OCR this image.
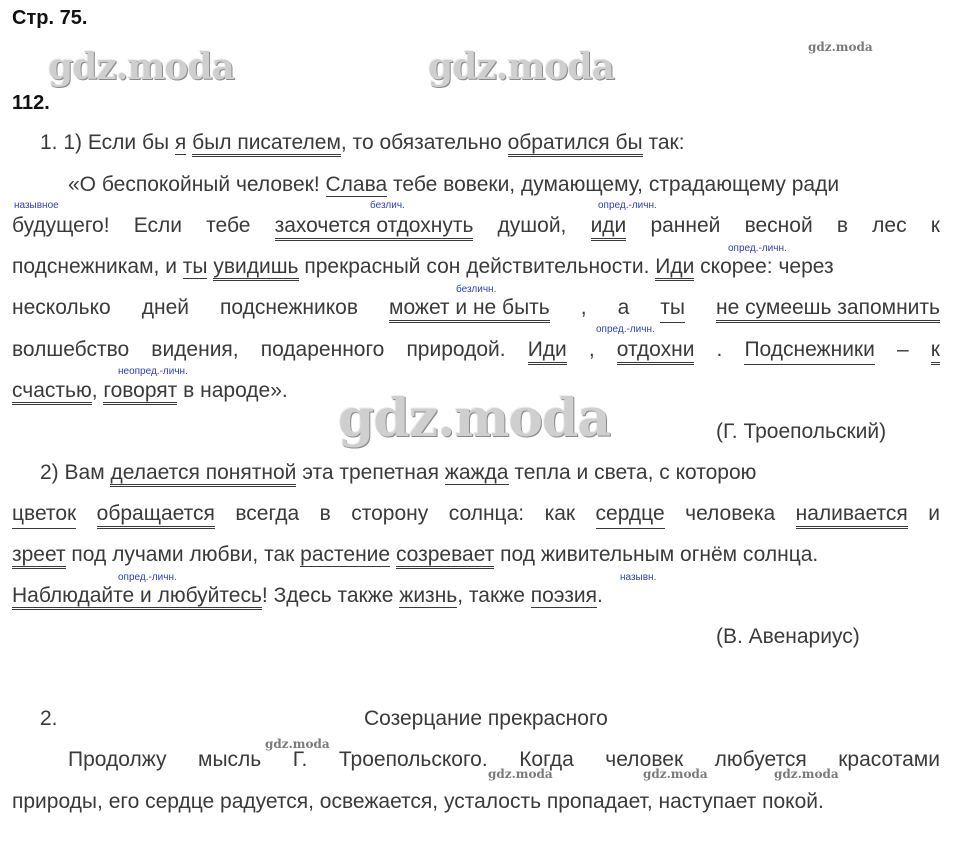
Стр. 75.
112.
gdz.moda	gdz.moda	gdz.moda
gdz.moda
gdz.moda
gdz.moda	gdz.moda	gdz.moda
назывное	безлич.	опред.-личн.
опред.-личн.
безличн.
опред.-личн.
неопред.-личн.
опред.-личн.	назывн.
1. 1) Если бы я был писателем, то обязательно обратился бы так:
«О беспокойный человек! Слава тебе вовеки, думающему, страдающему ради
будущего! Если тебе захочется отдохнуть душой, иди ранней весной в лес к
подснежникам, и ты увидишь прекрасный сон действительности. Иди скорее: через
несколько дней подснежников может и не быть , а ты не сумеешь запомнить
волшебство видения, подаренного природой. Иди , отдохни . Подснежники – к
счастью, говорят в народе».
(Г. Троепольский)
2) Вам делается понятной эта трепетная жажда тепла и света, с которою
цветок обращается всегда в сторону солнца: как сердце человека наливается и
зреет под лучами любви, так растение созревает под живительным огнём солнца.
Наблюдайте и любуйтесь! Здесь также жизнь, также поэзия.
(В. Авенариус)
2.	Созерцание прекрасного
Продолжу мысль Г. Троепольского. Когда человек любуется красотами
природы, его сердце радуется, освежается, усталость пропадает, наступает покой.
